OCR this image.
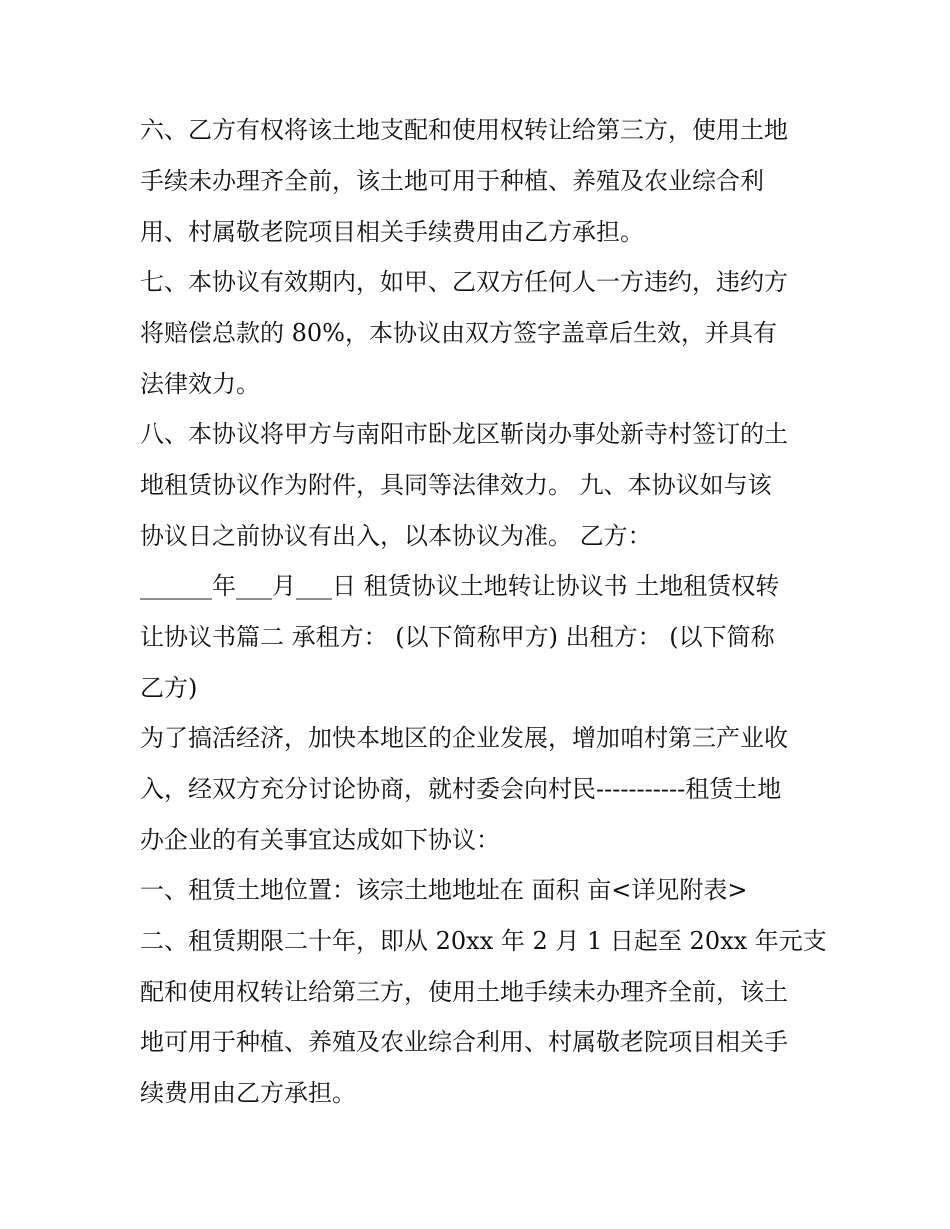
六、乙方有权将该土地支配和使用权转让给第三方，使用土地
手续未办理齐全前，该土地可用于种植、养殖及农业综合利
用、村属敬老院项目相关手续费用由乙方承担。
七、本协议有效期内，如甲、乙双方任何人一方违约，违约方
将赔偿总款的 80%，本协议由双方签字盖章后生效，并具有
法律效力。
八、本协议将甲方与南阳市卧龙区靳岗办事处新寺村签订的土
地租赁协议作为附件，具同等法律效力。 九、本协议如与该
协议日之前协议有出入，以本协议为准。 乙方：
______年___月___日 租赁协议土地转让协议书 土地租赁权转
让协议书篇二 承租方： (以下简称甲方) 出租方： (以下简称
乙方)
为了搞活经济，加快本地区的企业发展，增加咱村第三产业收
入，经双方充分讨论协商，就村委会向村民-----------租赁土地
办企业的有关事宜达成如下协议：
一、租赁土地位置：该宗土地地址在 面积 亩<详见附表>
二、租赁期限二十年，即从 20xx 年 2 月 1 日起至 20xx 年元支
配和使用权转让给第三方，使用土地手续未办理齐全前，该土
地可用于种植、养殖及农业综合利用、村属敬老院项目相关手
续费用由乙方承担。
